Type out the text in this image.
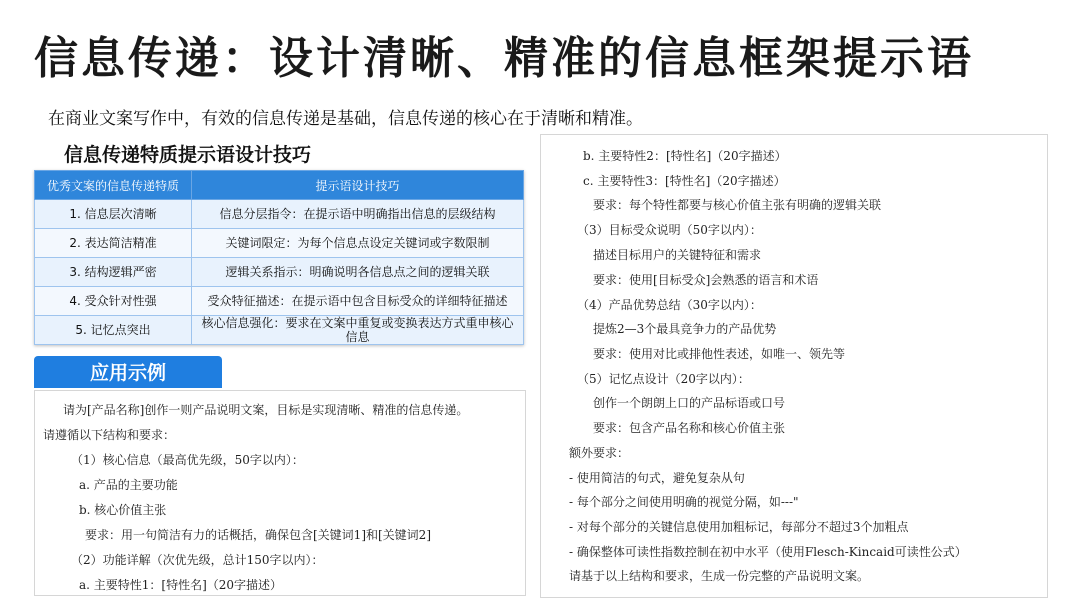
信息传递：设计清晰、精准的信息框架提示语
在商业文案写作中，有效的信息传递是基础，信息传递的核心在于清晰和精准。
信息传递特质提示语设计技巧
优秀文案的信息传递特质	提示语设计技巧
1. 信息层次清晰	信息分层指令：在提示语中明确指出信息的层级结构
2. 表达简洁精准	关键词限定：为每个信息点设定关键词或字数限制
3. 结构逻辑严密	逻辑关系指示：明确说明各信息点之间的逻辑关联
4. 受众针对性强	受众特征描述：在提示语中包含目标受众的详细特征描述
5. 记忆点突出	核心信息强化：要求在文案中重复或变换表达方式重申核心信息
应用示例
请为[产品名称]创作一则产品说明文案，目标是实现清晰、精准的信息传递。
请遵循以下结构和要求：
（1）核心信息（最高优先级，50字以内）：
a. 产品的主要功能
b. 核心价值主张
要求：用一句简洁有力的话概括，确保包含[关键词1]和[关键词2]
（2）功能详解（次优先级，总计150字以内）：
a. 主要特性1：[特性名]（20字描述）
b. 主要特性2：[特性名]（20字描述）
c. 主要特性3：[特性名]（20字描述）
要求：每个特性都要与核心价值主张有明确的逻辑关联
（3）目标受众说明（50字以内）：
描述目标用户的关键特征和需求
要求：使用[目标受众]会熟悉的语言和术语
（4）产品优势总结（30字以内）：
提炼2—3个最具竞争力的产品优势
要求：使用对比或排他性表述，如唯一、领先等
（5）记忆点设计（20字以内）：
创作一个朗朗上口的产品标语或口号
要求：包含产品名称和核心价值主张
额外要求：
- 使用简洁的句式，避免复杂从句
- 每个部分之间使用明确的视觉分隔，如---"
- 对每个部分的关键信息使用加粗标记，每部分不超过3个加粗点
- 确保整体可读性指数控制在初中水平（使用Flesch-Kincaid可读性公式）
请基于以上结构和要求，生成一份完整的产品说明文案。
